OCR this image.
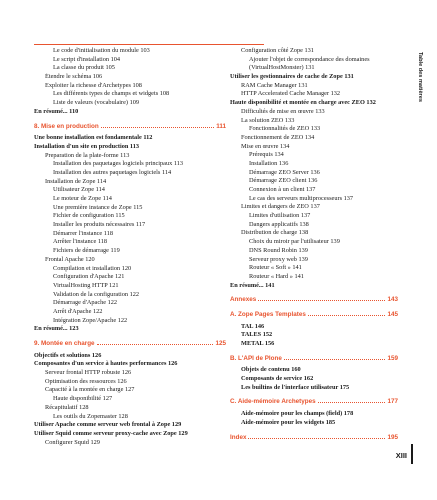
Le code d'initialisation du module 103
Le script d'installation 104
La classe du produit 105
Étendre le schéma 106
Exploiter la richesse d'Archetypes 108
Les différents types de champs et widgets 108
Liste de valeurs (vocabulaire) 109
En résumé... 110
8. Mise en production	111
Une bonne installation est fondamentale 112
Installation d'un site en production 113
Preparation de la plate-forme 113
Installation des paquetages logiciels principaux 113
Installation des autres paquetages logiciels 114
Installation de Zope 114
Utilisateur Zope 114
Le moteur de Zope 114
Une première instance de Zope 115
Fichier de configuration 115
Installer les produits nécessaires 117
Démarrer l'instance 118
Arrêter l'instance 118
Fichiers de démarrage 119
Frontal Apache 120
Compilation et installation 120
Configuration d'Apache 121
VirtualHosting HTTP 121
Validation de la configuration 122
Démarrage d'Apache 122
Arrêt d'Apache 122
Intégration Zope/Apache 122
En résumé... 123
9. Montée en charge	125
Objectifs et solutions 126
Composantes d'un service à hautes performances 126
Serveur frontal HTTP robuste 126
Optimisation des ressources 126
Capacité à la montée en charge 127
Haute disponibilité 127
Récapitulatif 128
Les outils du Zopemaster 128
Utiliser Apache comme serveur web frontal à Zope 129
Utiliser Squid comme serveur proxy-cache avec Zope 129
Configurer Squid 129
Configuration côté Zope 131
Ajouter l'objet de correspondance des domaines
(VirtualHostMonster) 131
Utiliser les gestionnaires de cache de Zope 131
RAM Cache Manager 131
HTTP Accelerated Cache Manager 132
Haute disponibilité et montée en charge avec ZEO 132
Difficultés de mise en œuvre 133
La solution ZEO 133
Fonctionnalités de ZEO 133
Fonctionnement de ZEO 134
Mise en œuvre 134
Prérequis 134
Installation 136
Démarrage ZEO Server 136
Démarrage ZEO client 136
Connexion à un client 137
Le cas des serveurs multiprocesseurs 137
Limites et dangers de ZEO 137
Limites d'utilisation 137
Dangers applicatifs 138
Distribution de charge 138
Choix du miroir par l'utilisateur 139
DNS Round Robin 139
Serveur proxy web 139
Routeur « Soft » 141
Routeur « Hard » 141
En résumé... 141
Annexes	143
A. Zope Pages Templates	145
TAL 146
TALES 152
METAL 156
B. L'API de Plone	159
Objets de contenu 160
Composants de service 162
Les builtins de l'interface utilisateur 175
C. Aide-mémoire Archetypes	177
Aide-mémoire pour les champs (field) 178
Aide-mémoire pour les widgets 185
Index	195
Table des matières
XIII
